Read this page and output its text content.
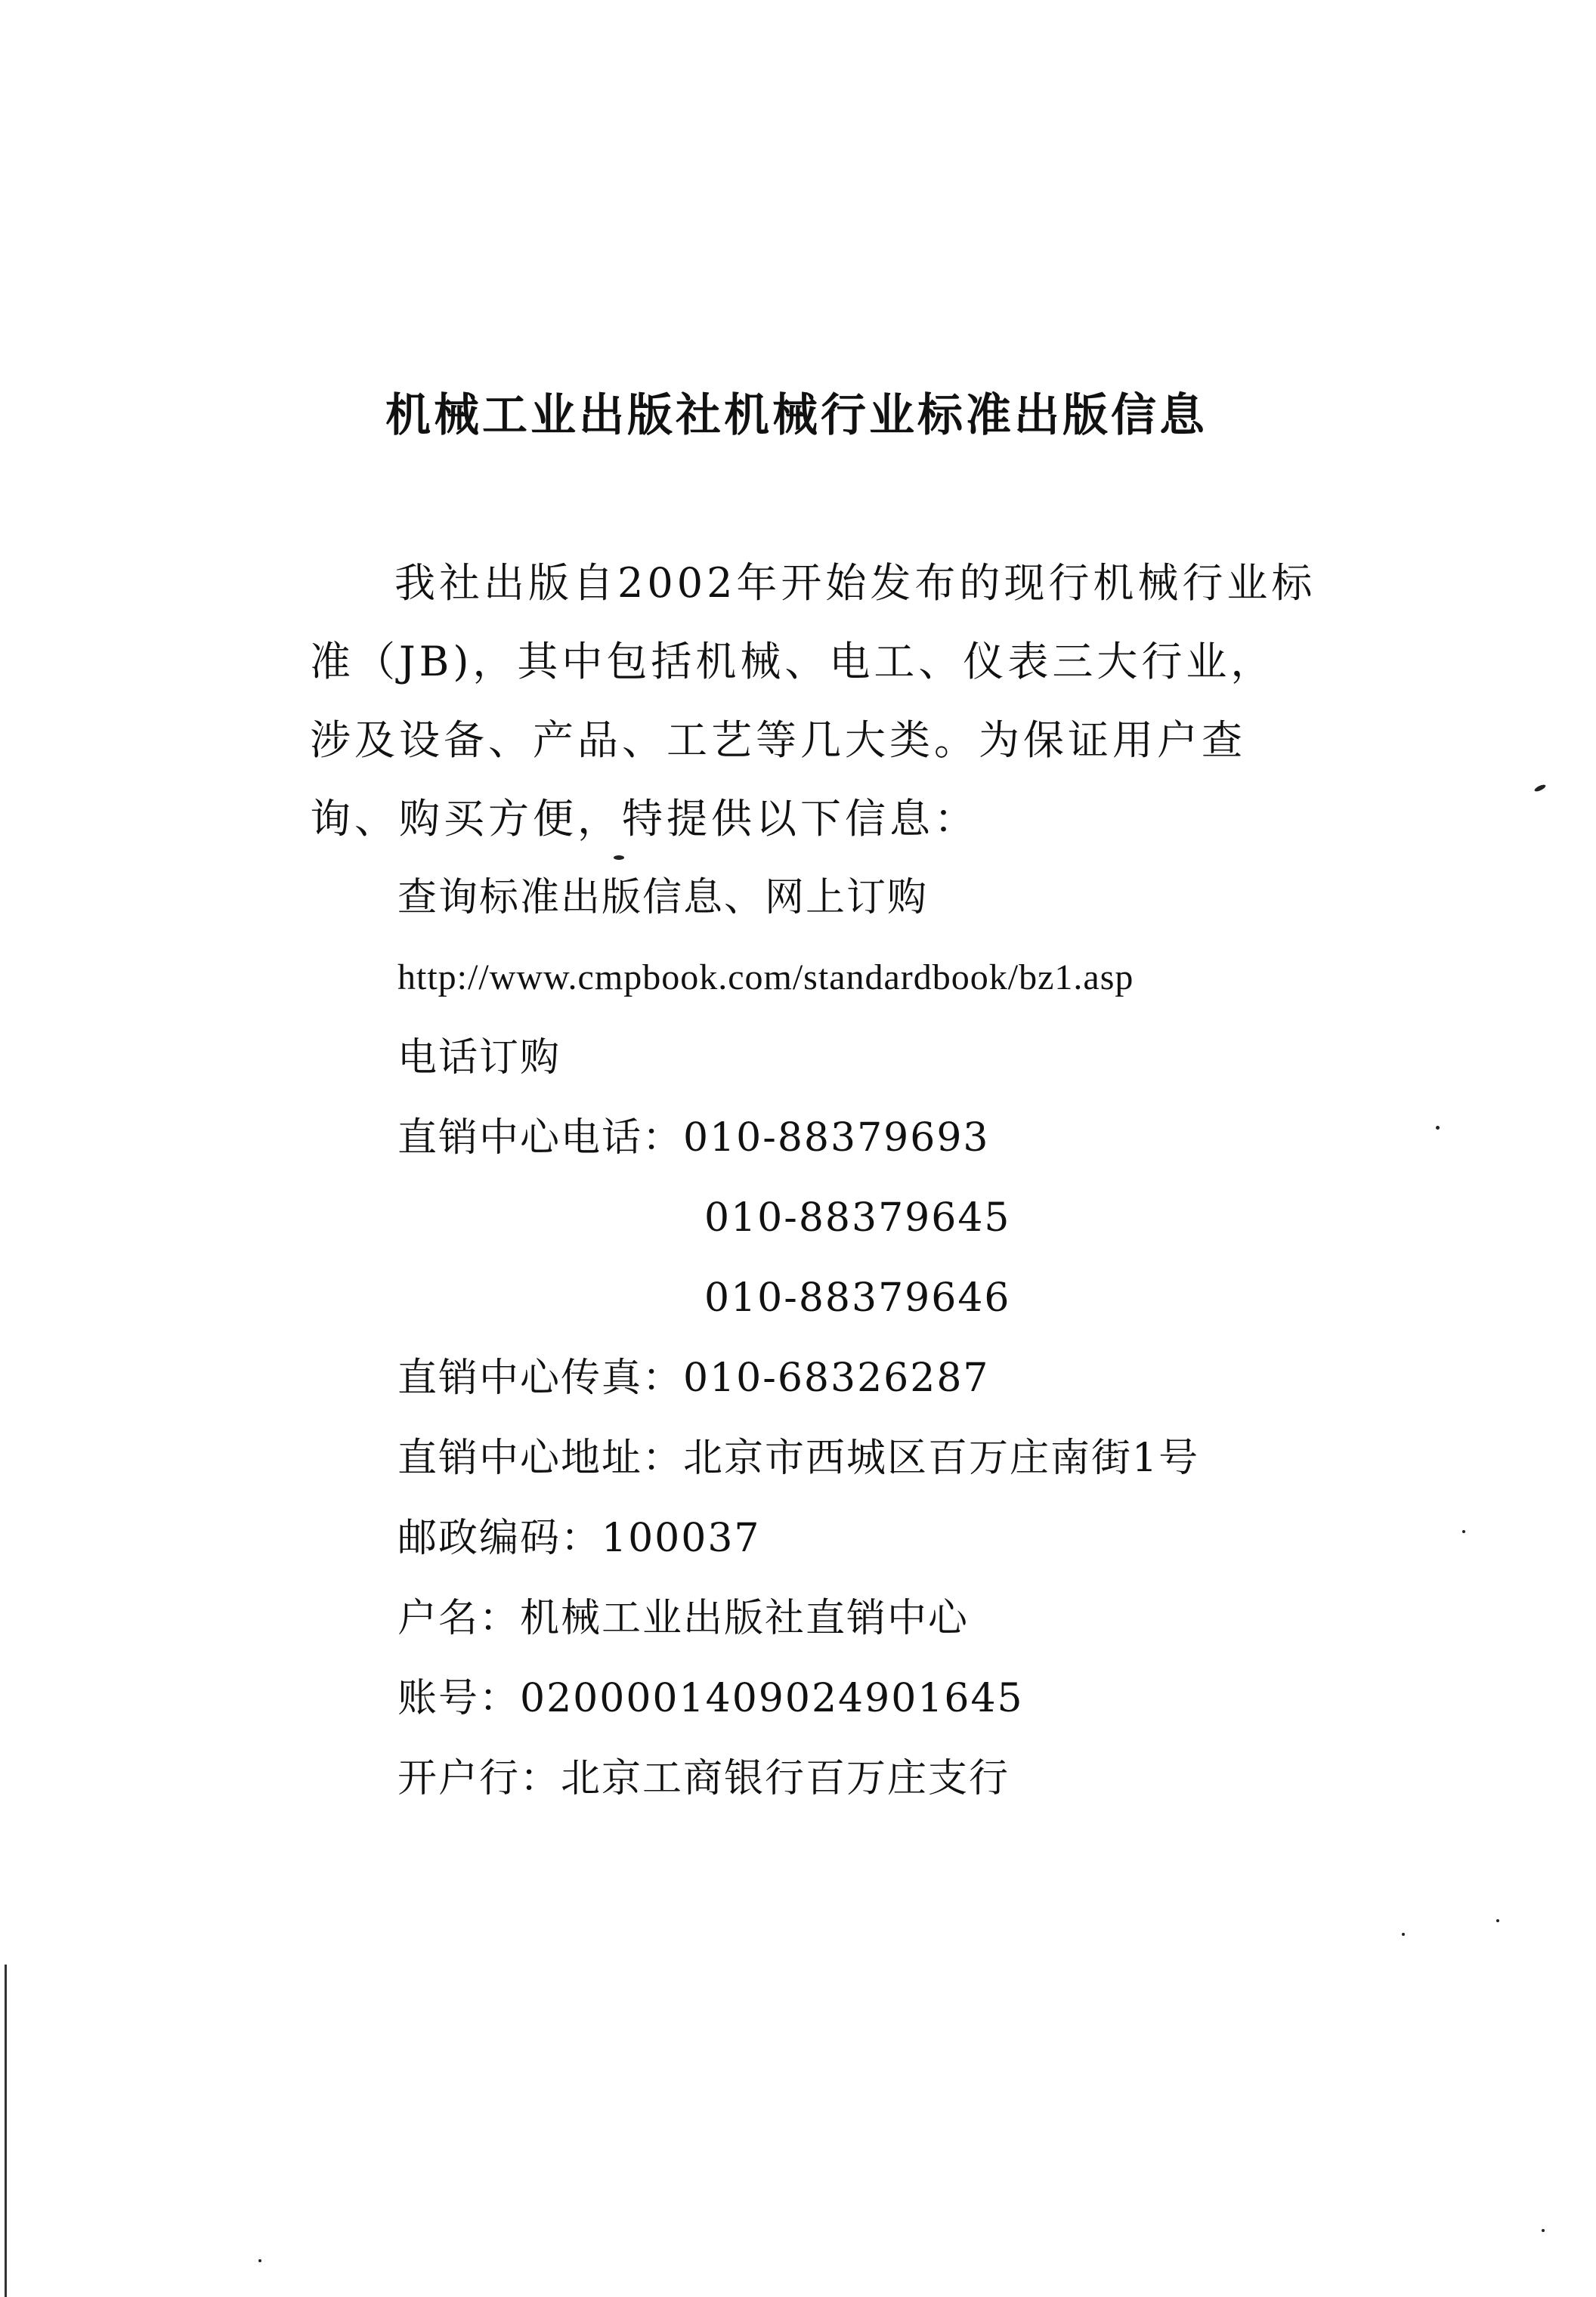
机械工业出版社机械行业标准出版信息

我社出版自2002年开始发布的现行机械行业标
准（JB)，其中包括机械、电工、仪表三大行业，
涉及设备、产品、工艺等几大类。为保证用户查
询、购买方便，特提供以下信息：

查询标准出版信息、网上订购
http://www.cmpbook.com/standardbook/bz1.asp
电话订购
直销中心电话： 010-88379693
010-88379645
010-88379646
直销中心传真： 010-68326287
直销中心地址： 北京市西城区百万庄南街1号
邮政编码： 100037
户名： 机械工业出版社直销中心
账号： 0200001409024901645
开户行： 北京工商银行百万庄支行
